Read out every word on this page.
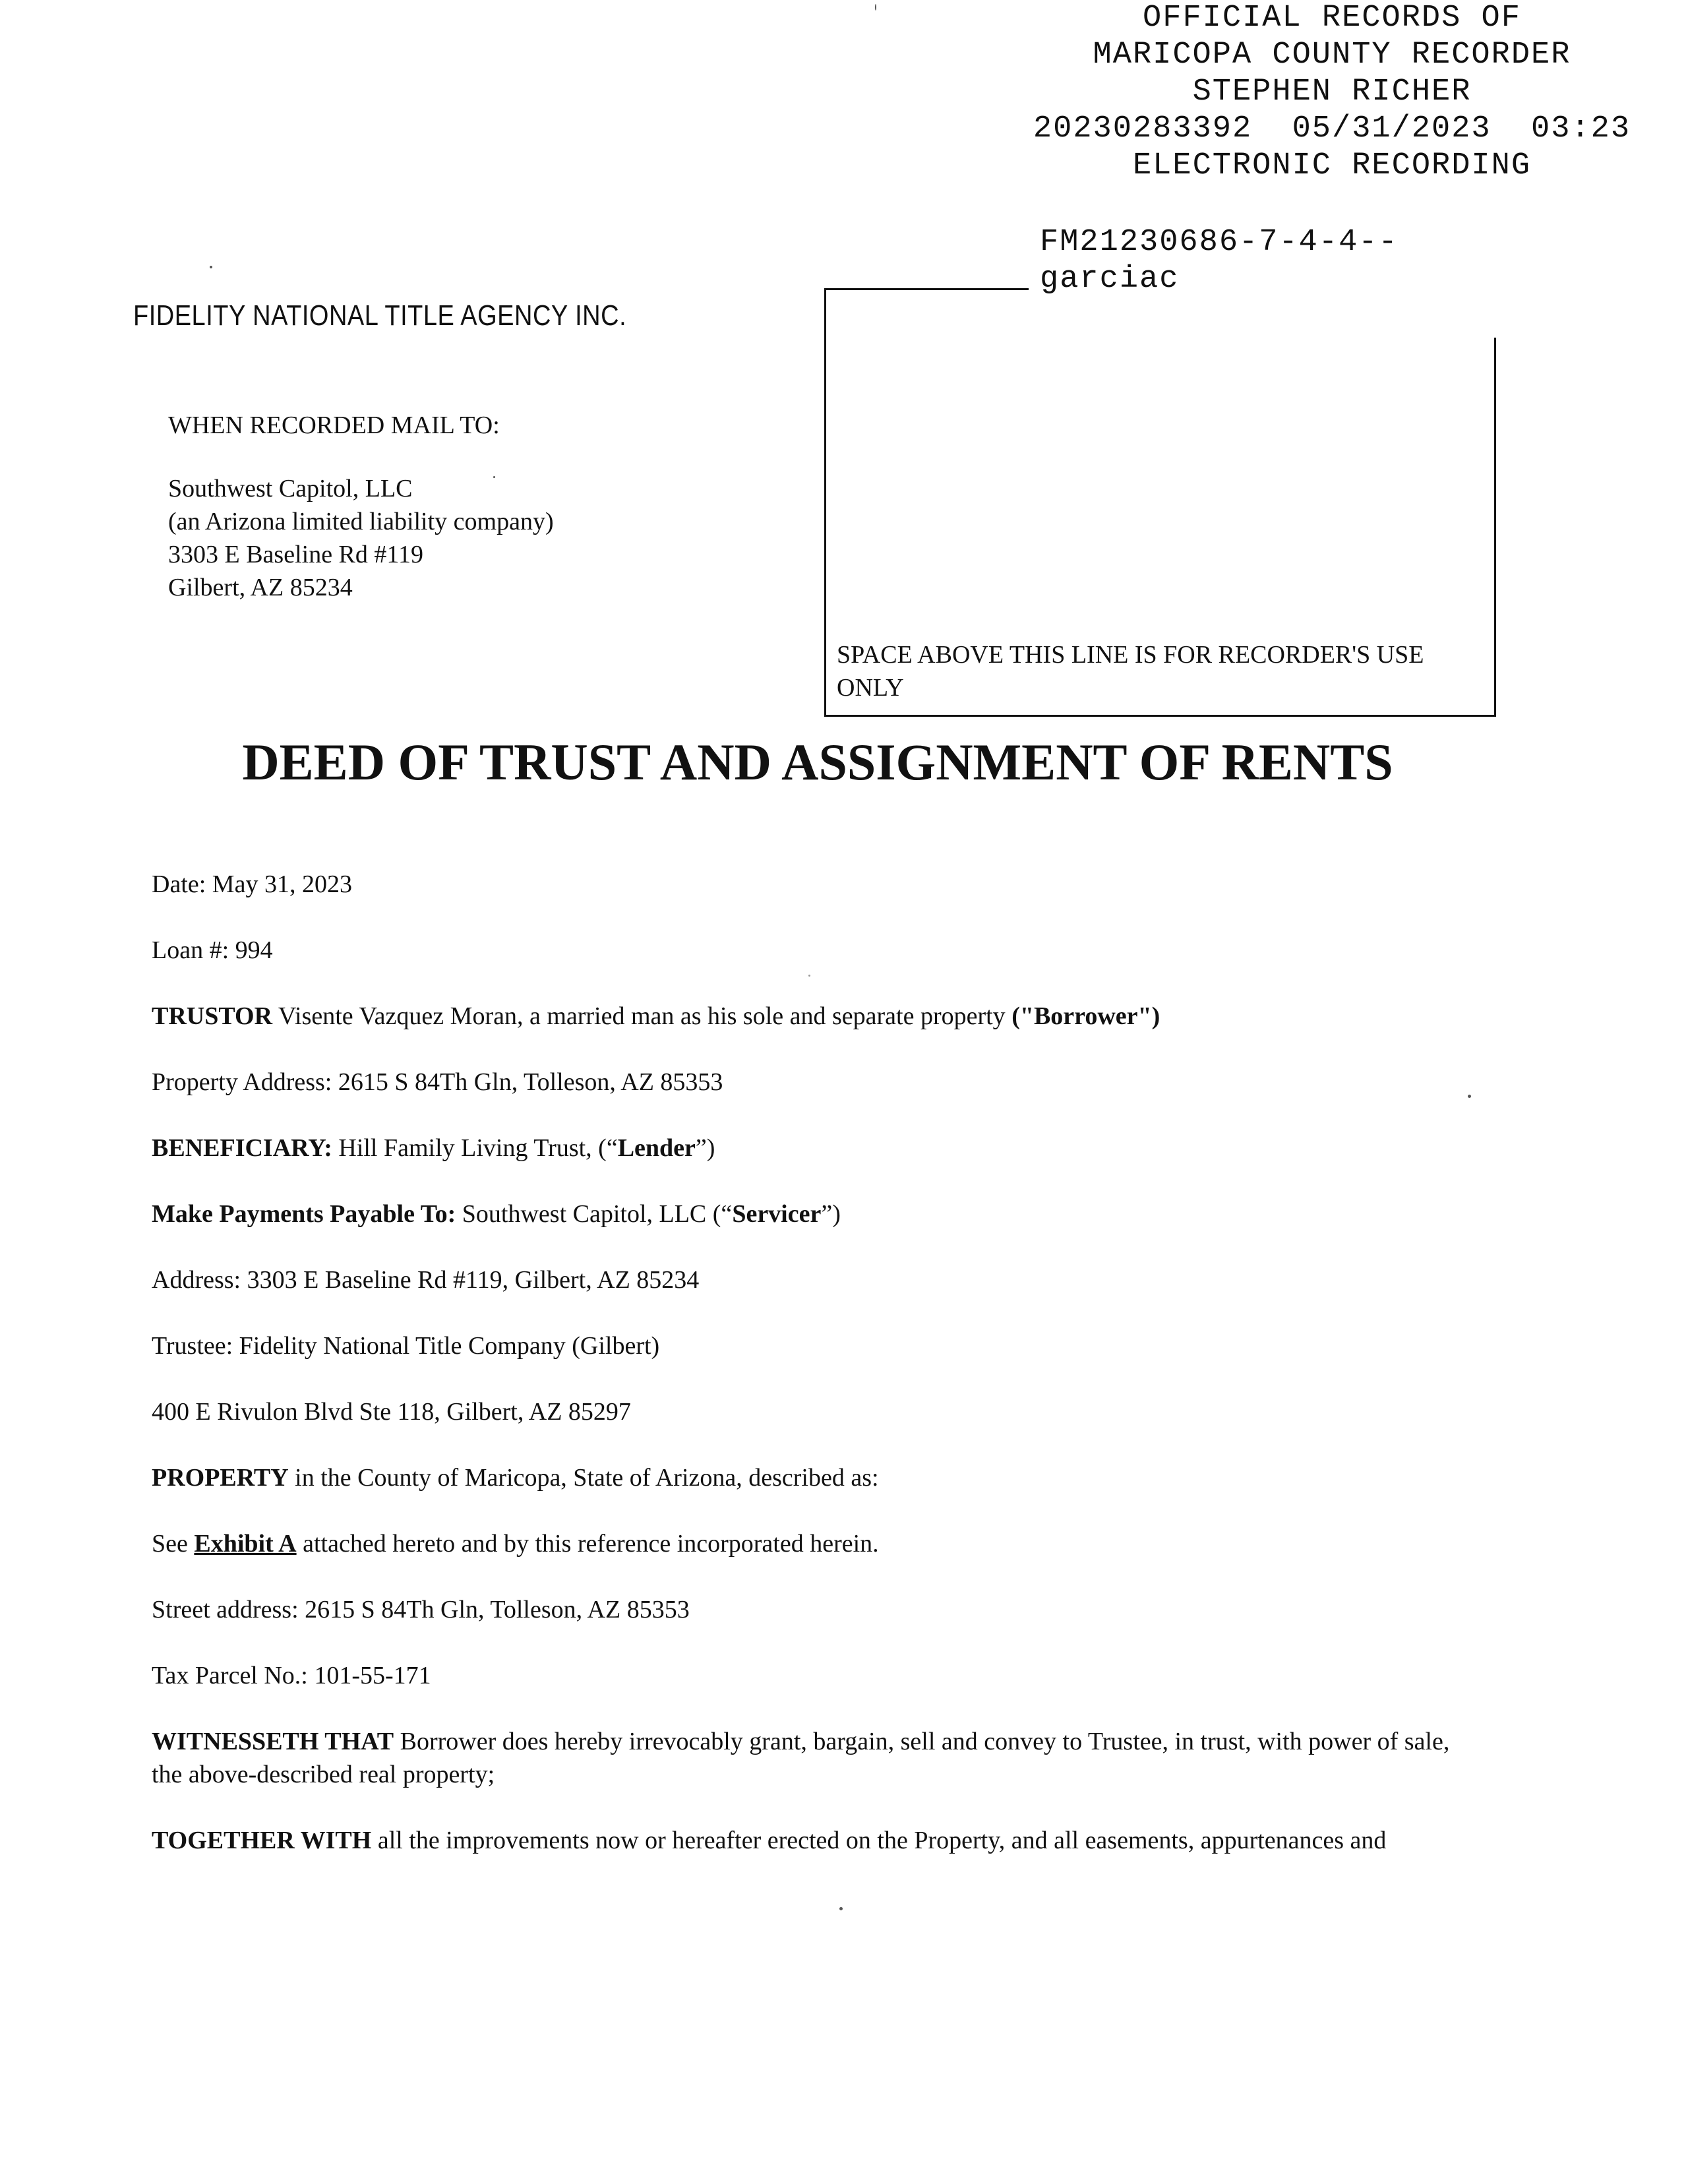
OFFICIAL RECORDS OF
MARICOPA COUNTY RECORDER
STEPHEN RICHER
20230283392  05/31/2023  03:23
ELECTRONIC RECORDING
FM21230686-7-4-4--
garciac
FIDELITY NATIONAL TITLE AGENCY INC.
SPACE ABOVE THIS LINE IS FOR RECORDER'S USE ONLY
WHEN RECORDED MAIL TO:
Southwest Capitol, LLC
(an Arizona limited liability company)
3303 E Baseline Rd #119
Gilbert, AZ 85234
DEED OF TRUST AND ASSIGNMENT OF RENTS

Date: May 31, 2023

Loan #: 994

TRUSTOR Visente Vazquez Moran, a married man as his sole and separate property ("Borrower")

Property Address: 2615 S 84Th Gln, Tolleson, AZ 85353

BENEFICIARY: Hill Family Living Trust, (“Lender”)

Make Payments Payable To: Southwest Capitol, LLC (“Servicer”)

Address: 3303 E Baseline Rd #119, Gilbert, AZ 85234

Trustee: Fidelity National Title Company (Gilbert)

400 E Rivulon Blvd Ste 118, Gilbert, AZ 85297

PROPERTY in the County of Maricopa, State of Arizona, described as:

See Exhibit A attached hereto and by this reference incorporated herein.

Street address: 2615 S 84Th Gln, Tolleson, AZ 85353

Tax Parcel No.: 101-55-171

WITNESSETH THAT Borrower does hereby irrevocably grant, bargain, sell and convey to Trustee, in trust, with power of sale, the above-described real property;

TOGETHER WITH all the improvements now or hereafter erected on the Property, and all easements, appurtenances and
